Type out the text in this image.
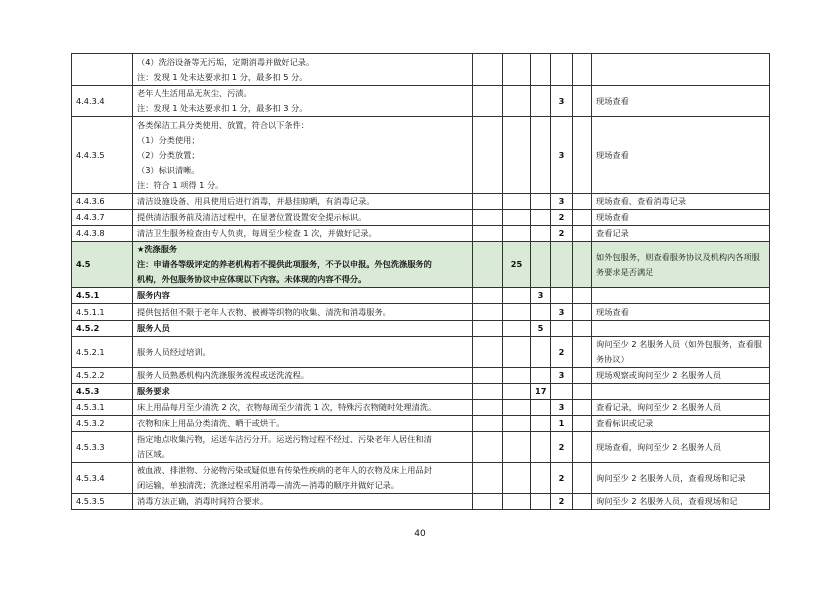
	（4）洗浴设备等无污垢，定期消毒并做好记录。
注：发现 1 处未达要求扣 1 分，最多扣 5 分。						

4.4.3.4	老年人生活用品无灰尘、污渍。
注：发现 1 处未达要求扣 1 分，最多扣 3 分。				3		现场查看
4.4.3.5	各类保洁工具分类使用、放置，符合以下条件：
（1）分类使用；
（2）分类放置；
（3）标识清晰。
注：符合 1 项得 1 分。				3		现场查看
4.4.3.6	清洁设施设备、用具使用后进行消毒，并悬挂晾晒，有消毒记录。				3		现场查看、查看消毒记录
4.4.3.7	提供清洁服务前及清洁过程中，在显著位置设置安全提示标识。				2		现场查看
4.4.3.8	清洁卫生服务检查由专人负责，每周至少检查 1 次，并做好记录。				2		查看记录
4.5	★洗涤服务
注：申请各等级评定的养老机构若不提供此项服务，不予以申报。外包洗涤服务的
机构，外包服务协议中应体现以下内容。未体现的内容不得分。		25				如外包服务，则查看服务协议及机构内各项服务要求是否满足
4.5.1	服务内容			3			
4.5.1.1	提供包括但不限于老年人衣物、被褥等织物的收集、清洗和消毒服务。				3		现场查看
4.5.2	服务人员			5			
4.5.2.1	服务人员经过培训。				2		询问至少 2 名服务人员（如外包服务，查看服务协议）
4.5.2.2	服务人员熟悉机构内洗涤服务流程或送洗流程。				3		现场观察或询问至少 2 名服务人员
4.5.3	服务要求			17			
4.5.3.1	床上用品每月至少清洗 2 次，衣物每周至少清洗 1 次，特殊污衣物随时处理清洗。				3		查看记录，询问至少 2 名服务人员
4.5.3.2	衣物和床上用品分类清洗、晒干或烘干。				1		查看标识或记录
4.5.3.3	指定地点收集污物，运送车洁污分开。运送污物过程不经过、污染老年人居住和清
洁区域。				2		现场查看，询问至少 2 名服务人员
4.5.3.4	被血液、排泄物、分泌物污染或疑似患有传染性疾病的老年人的衣物及床上用品封
闭运输，单独清洗；洗涤过程采用消毒—清洗—消毒的顺序并做好记录。				2		询问至少 2 名服务人员，查看现场和记录
4.5.3.5	消毒方法正确，消毒时间符合要求。				2		询问至少 2 名服务人员，查看现场和记
40
